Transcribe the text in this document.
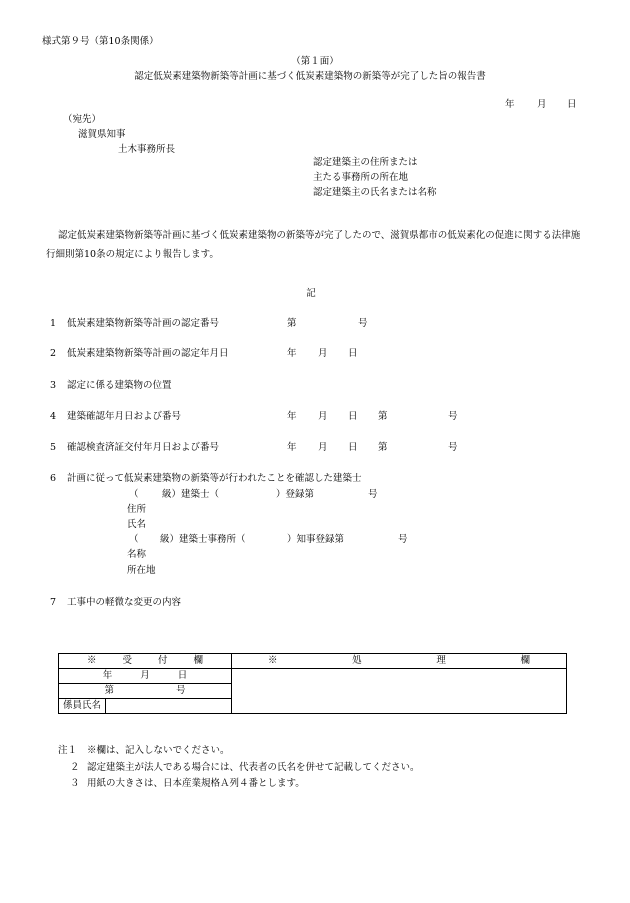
様式第９号（第10条関係）
（第１面）
認定低炭素建築物新築等計画に基づく低炭素建築物の新築等が完了した旨の報告書
年 月 日
（宛先）
滋賀県知事
土木事務所長
認定建築主の住所または
主たる事務所の所在地
認定建築主の氏名または名称
認定低炭素建築物新築等計画に基づく低炭素建築物の新築等が完了したので、滋賀県都市の低炭素化の促進に関する法律施行細則第10条の規定により報告します。
記
1 低炭素建築物新築等計画の認定番号	第	号
2 低炭素建築物新築等計画の認定年月日	年 月 日
3 認定に係る建築物の位置
4 建築確認年月日および番号	年 月 日 第	号
5 確認検査済証交付年月日および番号	年 月 日 第	号
6 計画に従って低炭素建築物の新築等が行われたことを確認した建築士
（ 級）建築士（	）登録第	号
住所
氏名
（ 級）建築士事務所（	）知事登録第	号
名称
所在地
7 工事中の軽微な変更の内容
※受付欄		※処理欄
年 月 日		
第 号		
係員氏名		
注１ ※欄は、記入しないでください。
２ 認定建築主が法人である場合には、代表者の氏名を併せて記載してください。
３ 用紙の大きさは、日本産業規格Ａ列４番とします。
